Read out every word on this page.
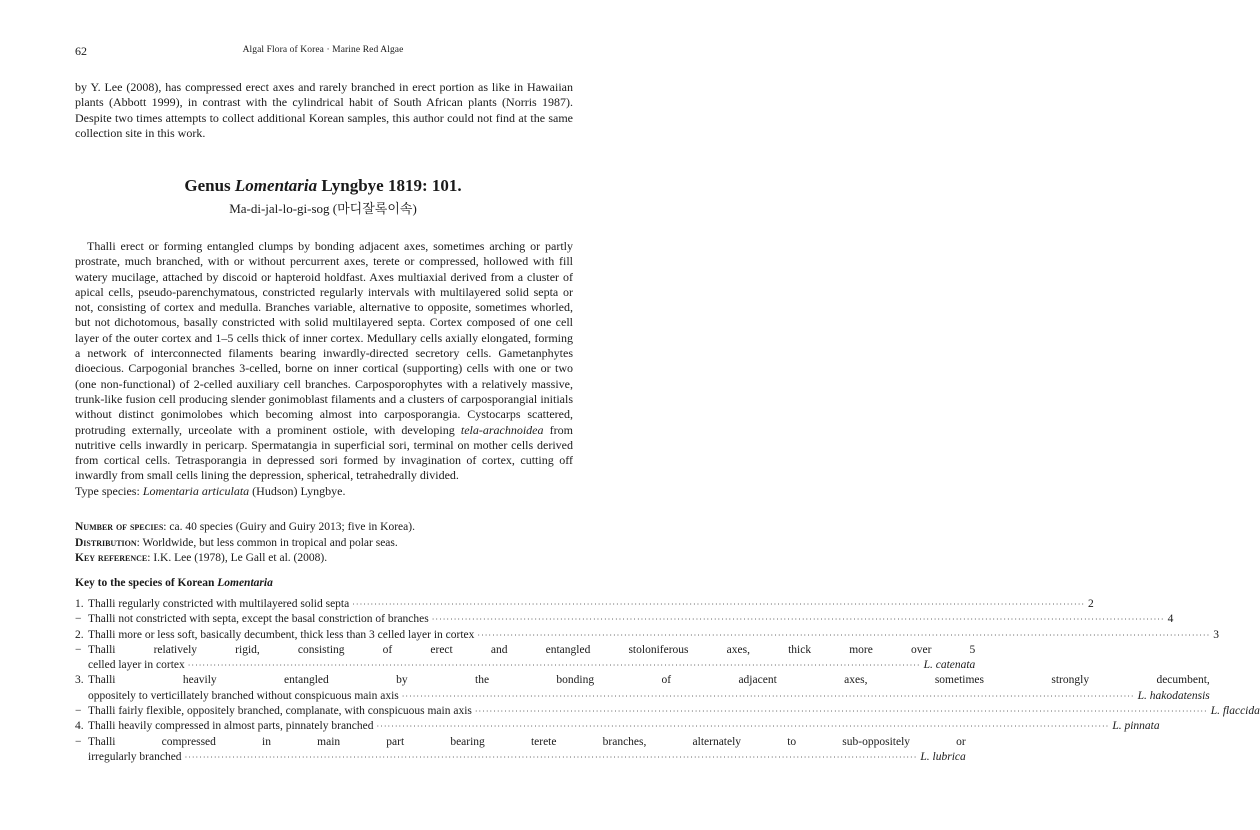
62	Algal Flora of Korea · Marine Red Algae

by Y. Lee (2008), has compressed erect axes and rarely branched in erect portion as like in Hawaiian plants (Abbott 1999), in contrast with the cylindrical habit of South African plants (Norris 1987). Despite two times attempts to collect additional Korean samples, this author could not find at the same collection site in this work.

Genus Lomentaria Lyngbye 1819: 101.
Ma-di-jal-lo-gi-sog (마디잘록이속)

Thalli erect or forming entangled clumps by bonding adjacent axes, sometimes arching or partly prostrate, much branched, with or without percurrent axes, terete or compressed, hollowed with fill watery mucilage, attached by discoid or hapteroid holdfast. Axes multiaxial derived from a cluster of apical cells, pseudo-parenchymatous, constricted regularly intervals with multilayered solid septa or not, consisting of cortex and medulla. Branches variable, alternative to opposite, sometimes whorled, but not dichotomous, basally constricted with solid multilayered septa. Cortex composed of one cell layer of the outer cortex and 1–5 cells thick of inner cortex. Medullary cells axially elongated, forming a network of interconnected filaments bearing inwardly-directed secretory cells. Gametanphytes dioecious. Carpogonial branches 3-celled, borne on inner cortical (supporting) cells with one or two (one non-functional) of 2-celled auxiliary cell branches. Carposporophytes with a relatively massive, trunk-like fusion cell producing slender gonimoblast filaments and a clusters of carposporangial initials without distinct gonimolobes which becoming almost into carposporangia. Cystocarps scattered, protruding externally, urceolate with a prominent ostiole, with developing tela-arachnoidea from nutritive cells inwardly in pericarp. Spermatangia in superficial sori, terminal on mother cells derived from cortical cells. Tetrasporangia in depressed sori formed by invagination of cortex, cutting off inwardly from small cells lining the depression, spherical, tetrahedrally divided.

Type species: Lomentaria articulata (Hudson) Lyngbye.

Number of species: ca. 40 species (Guiry and Guiry 2013; five in Korea).

Distribution: Worldwide, but less common in tropical and polar seas.

Key reference: I.K. Lee (1978), Le Gall et al. (2008).

Key to the species of Korean Lomentaria

1. Thalli regularly constricted with multilayered solid septa ········································································································································································································ 2
− Thalli not constricted with septa, except the basal constriction of branches ········································································································································································································ 4
2. Thalli more or less soft, basically decumbent, thick less than 3 celled layer in cortex ········································································································································································································ 3
− Thalli relatively rigid, consisting of erect and entangled stoloniferous axes, thick more over 5
celled layer in cortex ········································································································································································································ L. catenata
3. Thalli heavily entangled by the bonding of adjacent axes, sometimes strongly decumbent,
oppositely to verticillately branched without conspicuous main axis ········································································································································································································ L. hakodatensis
− Thalli fairly flexible, oppositely branched, complanate, with conspicuous main axis ········································································································································································································ L. flaccida
4. Thalli heavily compressed in almost parts, pinnately branched ········································································································································································································ L. pinnata
− Thalli compressed in main part bearing terete branches, alternately to sub-oppositely or
irregularly branched ········································································································································································································ L. lubrica
